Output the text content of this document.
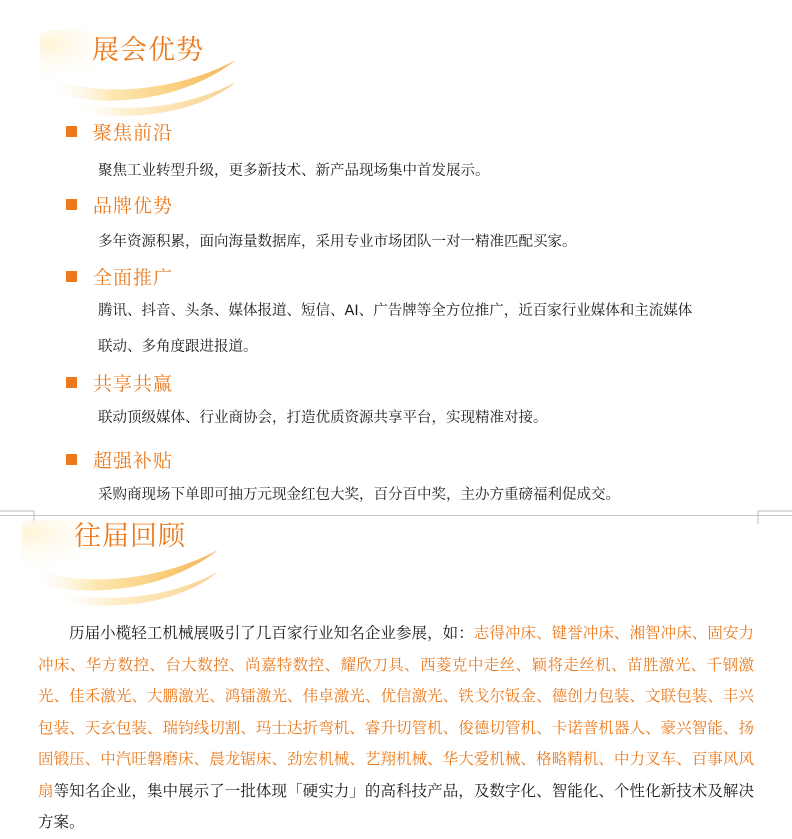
展会优势
聚焦前沿
聚焦工业转型升级，更多新技术、新产品现场集中首发展示。
品牌优势
多年资源积累，面向海量数据库，采用专业市场团队一对一精准匹配买家。
全面推广
腾讯、抖音、头条、媒体报道、短信、AI、广告牌等全方位推广，近百家行业媒体和主流媒体
联动、多角度跟进报道。
共享共赢
联动顶级媒体、行业商协会，打造优质资源共享平台，实现精准对接。
超强补贴
采购商现场下单即可抽万元现金红包大奖，百分百中奖，主办方重磅福利促成交。
往届回顾

历届小榄轻工机械展吸引了几百家行业知名企业参展，如：志得冲床、键誉冲床、湘智冲床、固安力冲床、华方数控、台大数控、尚嘉特数控、耀欣刀具、西菱克中走丝、颖将走丝机、苗胜激光、千钢激光、佳禾激光、大鹏激光、鸿镭激光、伟卓激光、优信激光、铁戈尔钣金、德创力包装、文联包装、丰兴包装、天玄包装、瑞钧线切割、玛士达折弯机、睿升切管机、俊德切管机、卡诺普机器人、豪兴智能、扬固锻压、中汽旺磐磨床、晨龙锯床、劲宏机械、艺翔机械、华大爱机械、格略精机、中力叉车、百事风风扇等知名企业，集中展示了一批体现「硬实力」的高科技产品，及数字化、智能化、个性化新技术及解决方案。
